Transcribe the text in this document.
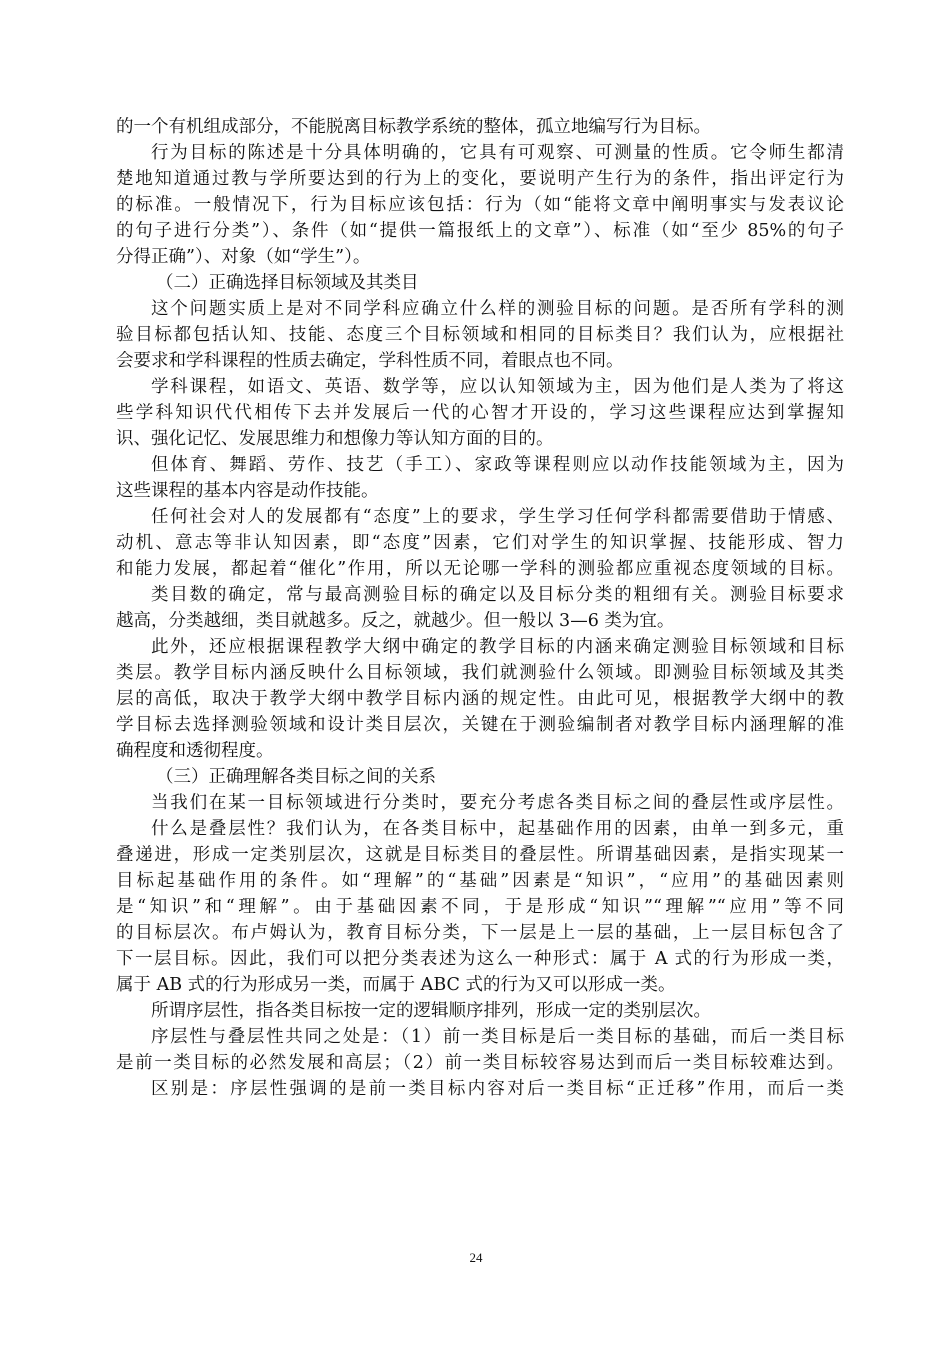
的一个有机组成部分，不能脱离目标教学系统的整体，孤立地编写行为目标。
行为目标的陈述是十分具体明确的，它具有可观察、可测量的性质。它令师生都清
楚地知道通过教与学所要达到的行为上的变化，要说明产生行为的条件，指出评定行为
的标准。一般情况下，行为目标应该包括：行为（如“能将文章中阐明事实与发表议论
的句子进行分类”）、条件（如“提供一篇报纸上的文章”）、标准（如“至少 85%的句子
分得正确”）、对象（如“学生”）。
（二）正确选择目标领域及其类目
这个问题实质上是对不同学科应确立什么样的测验目标的问题。是否所有学科的测
验目标都包括认知、技能、态度三个目标领域和相同的目标类目？我们认为，应根据社
会要求和学科课程的性质去确定，学科性质不同，着眼点也不同。
学科课程，如语文、英语、数学等，应以认知领域为主，因为他们是人类为了将这
些学科知识代代相传下去并发展后一代的心智才开设的，学习这些课程应达到掌握知
识、强化记忆、发展思维力和想像力等认知方面的目的。
但体育、舞蹈、劳作、技艺（手工）、家政等课程则应以动作技能领域为主，因为
这些课程的基本内容是动作技能。
任何社会对人的发展都有“态度”上的要求，学生学习任何学科都需要借助于情感、
动机、意志等非认知因素，即“态度”因素，它们对学生的知识掌握、技能形成、智力
和能力发展，都起着“催化”作用，所以无论哪一学科的测验都应重视态度领域的目标。
类目数的确定，常与最高测验目标的确定以及目标分类的粗细有关。测验目标要求
越高，分类越细，类目就越多。反之，就越少。但一般以 3—6 类为宜。
此外，还应根据课程教学大纲中确定的教学目标的内涵来确定测验目标领域和目标
类层。教学目标内涵反映什么目标领域，我们就测验什么领域。即测验目标领域及其类
层的高低，取决于教学大纲中教学目标内涵的规定性。由此可见，根据教学大纲中的教
学目标去选择测验领域和设计类目层次，关键在于测验编制者对教学目标内涵理解的准
确程度和透彻程度。
（三）正确理解各类目标之间的关系
当我们在某一目标领域进行分类时，要充分考虑各类目标之间的叠层性或序层性。
什么是叠层性？我们认为，在各类目标中，起基础作用的因素，由单一到多元，重
叠递进，形成一定类别层次，这就是目标类目的叠层性。所谓基础因素，是指实现某一
目标起基础作用的条件。如“理解”的“基础”因素是“知识”，“应用”的基础因素则
是“知识”和“理解”。由于基础因素不同，于是形成“知识”“理解”“应用”等不同
的目标层次。布卢姆认为，教育目标分类，下一层是上一层的基础，上一层目标包含了
下一层目标。因此，我们可以把分类表述为这么一种形式：属于 A 式的行为形成一类，
属于 AB 式的行为形成另一类，而属于 ABC 式的行为又可以形成一类。
所谓序层性，指各类目标按一定的逻辑顺序排列，形成一定的类别层次。
序层性与叠层性共同之处是：（1）前一类目标是后一类目标的基础，而后一类目标
是前一类目标的必然发展和高层；（2）前一类目标较容易达到而后一类目标较难达到。
区别是：序层性强调的是前一类目标内容对后一类目标“正迁移”作用，而后一类
24
